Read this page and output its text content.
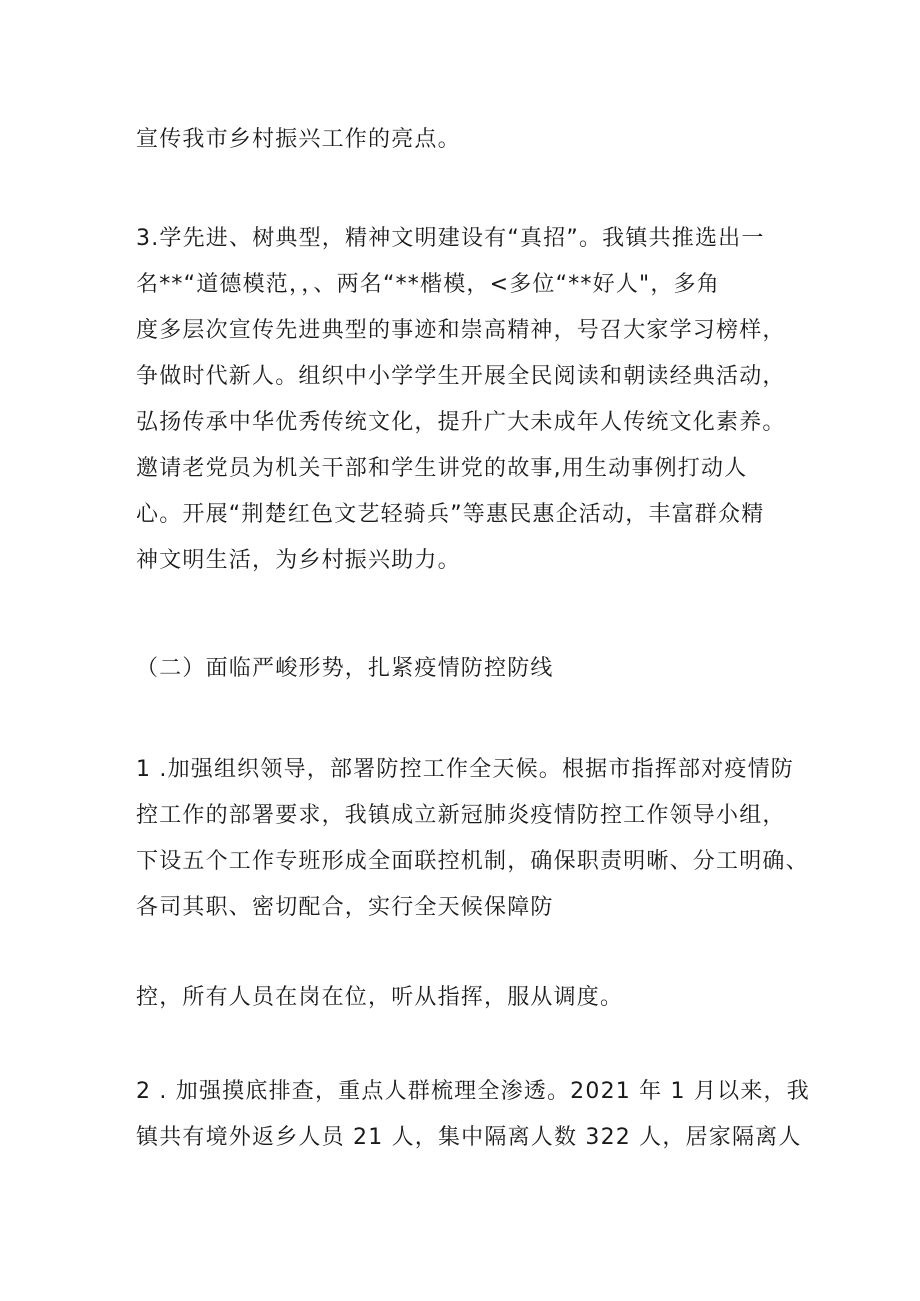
宣传我市乡村振兴工作的亮点。
3.学先进、树典型，精神文明建设有“真招”。我镇共推选出一
名**“道德模范，，、两名“**楷模，<多位“**好人"，多角
度多层次宣传先进典型的事迹和崇高精神，号召大家学习榜样，
争做时代新人。组织中小学学生开展全民阅读和朝读经典活动，
弘扬传承中华优秀传统文化，提升广大未成年人传统文化素养。
邀请老党员为机关干部和学生讲党的故事,用生动事例打动人
心。开展“荆楚红色文艺轻骑兵”等惠民惠企活动，丰富群众精
神文明生活，为乡村振兴助力。
（二）面临严峻形势，扎紧疫情防控防线
1 .加强组织领导，部署防控工作全天候。根据市指挥部对疫情防
控工作的部署要求，我镇成立新冠肺炎疫情防控工作领导小组，
下设五个工作专班形成全面联控机制，确保职责明晰、分工明确、
各司其职、密切配合，实行全天候保障防
控，所有人员在岗在位，听从指挥，服从调度。
2 . 加强摸底排查，重点人群梳理全渗透。2021 年 1 月以来，我
镇共有境外返乡人员 21 人，集中隔离人数 322 人，居家隔离人
